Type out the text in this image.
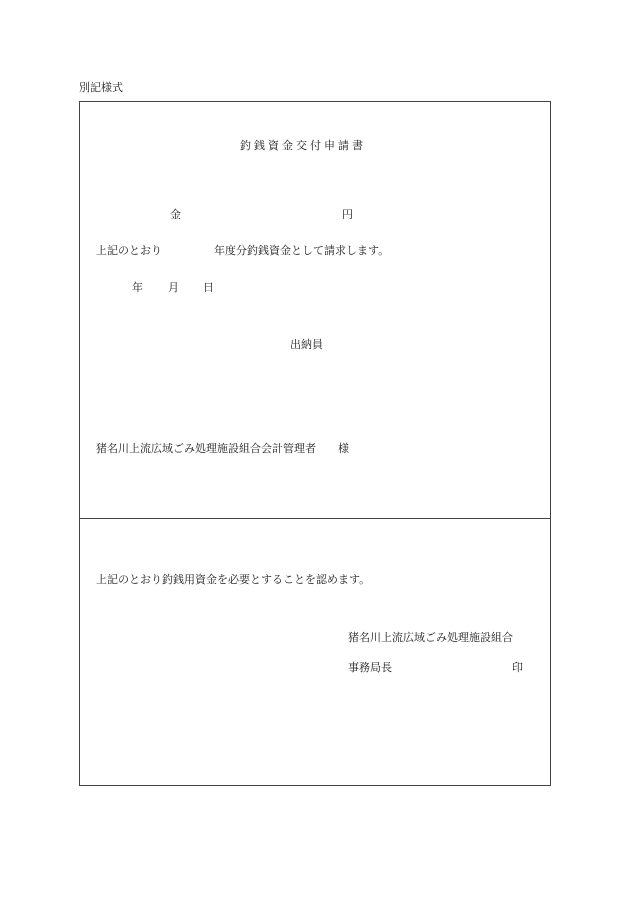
別記様式
釣銭資金交付申請書
金	円
上記のとおり	年度分釣銭資金として請求します。
年 月 日
出納員
猪名川上流広域ごみ処理施設組合会計管理者　　様
上記のとおり釣銭用資金を必要とすることを認めます。
猪名川上流広域ごみ処理施設組合
事務局長	印
